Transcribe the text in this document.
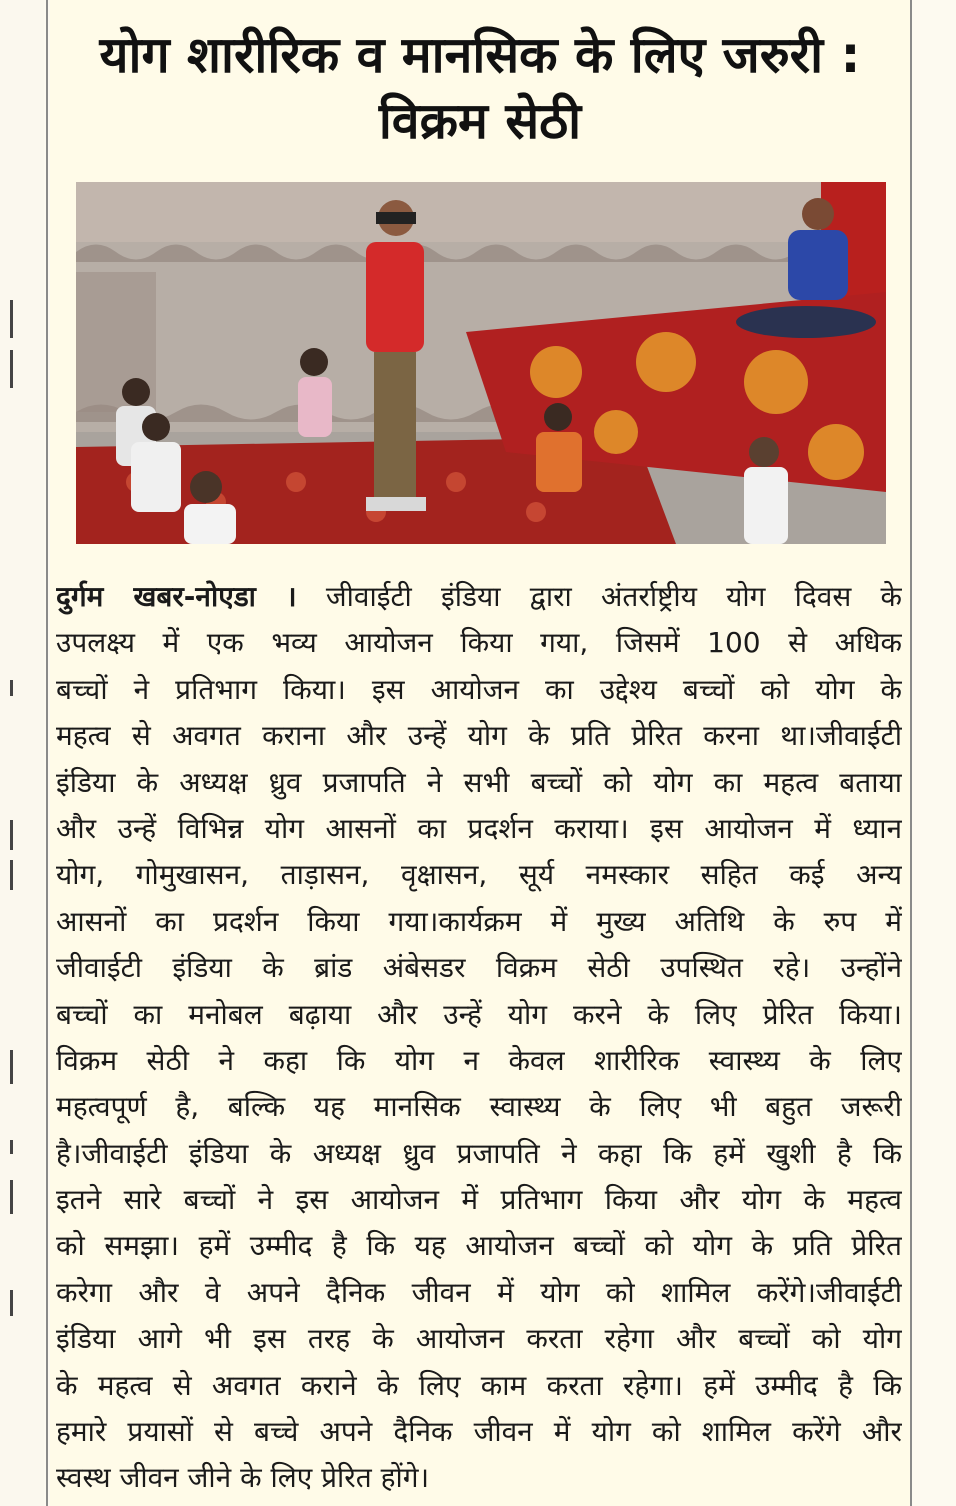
योग शारीरिक व मानसिक के लिए जरुरी :
विक्रम सेठी
दुर्गम खबर-नोएडा । जीवाईटी इंडिया द्वारा अंतर्राष्ट्रीय योग दिवस के
उपलक्ष्य में एक भव्य आयोजन किया गया, जिसमें 100 से अधिक
बच्चों ने प्रतिभाग किया। इस आयोजन का उद्देश्य बच्चों को योग के
महत्व से अवगत कराना और उन्हें योग के प्रति प्रेरित करना था।जीवाईटी
इंडिया के अध्यक्ष ध्रुव प्रजापति ने सभी बच्चों को योग का महत्व बताया
और उन्हें विभिन्न योग आसनों का प्रदर्शन कराया। इस आयोजन में ध्यान
योग, गोमुखासन, ताड़ासन, वृक्षासन, सूर्य नमस्कार सहित कई अन्य
आसनों का प्रदर्शन किया गया।कार्यक्रम में मुख्य अतिथि के रुप में
जीवाईटी इंडिया के ब्रांड अंबेसडर विक्रम सेठी उपस्थित रहे। उन्होंने
बच्चों का मनोबल बढ़ाया और उन्हें योग करने के लिए प्रेरित किया।
विक्रम सेठी ने कहा कि योग न केवल शारीरिक स्वास्थ्य के लिए
महत्वपूर्ण है, बल्कि यह मानसिक स्वास्थ्य के लिए भी बहुत जरूरी
है।जीवाईटी इंडिया के अध्यक्ष ध्रुव प्रजापति ने कहा कि हमें खुशी है कि
इतने सारे बच्चों ने इस आयोजन में प्रतिभाग किया और योग के महत्व
को समझा। हमें उम्मीद है कि यह आयोजन बच्चों को योग के प्रति प्रेरित
करेगा और वे अपने दैनिक जीवन में योग को शामिल करेंगे।जीवाईटी
इंडिया आगे भी इस तरह के आयोजन करता रहेगा और बच्चों को योग
के महत्व से अवगत कराने के लिए काम करता रहेगा। हमें उम्मीद है कि
हमारे प्रयासों से बच्चे अपने दैनिक जीवन में योग को शामिल करेंगे और
स्वस्थ जीवन जीने के लिए प्रेरित होंगे।
